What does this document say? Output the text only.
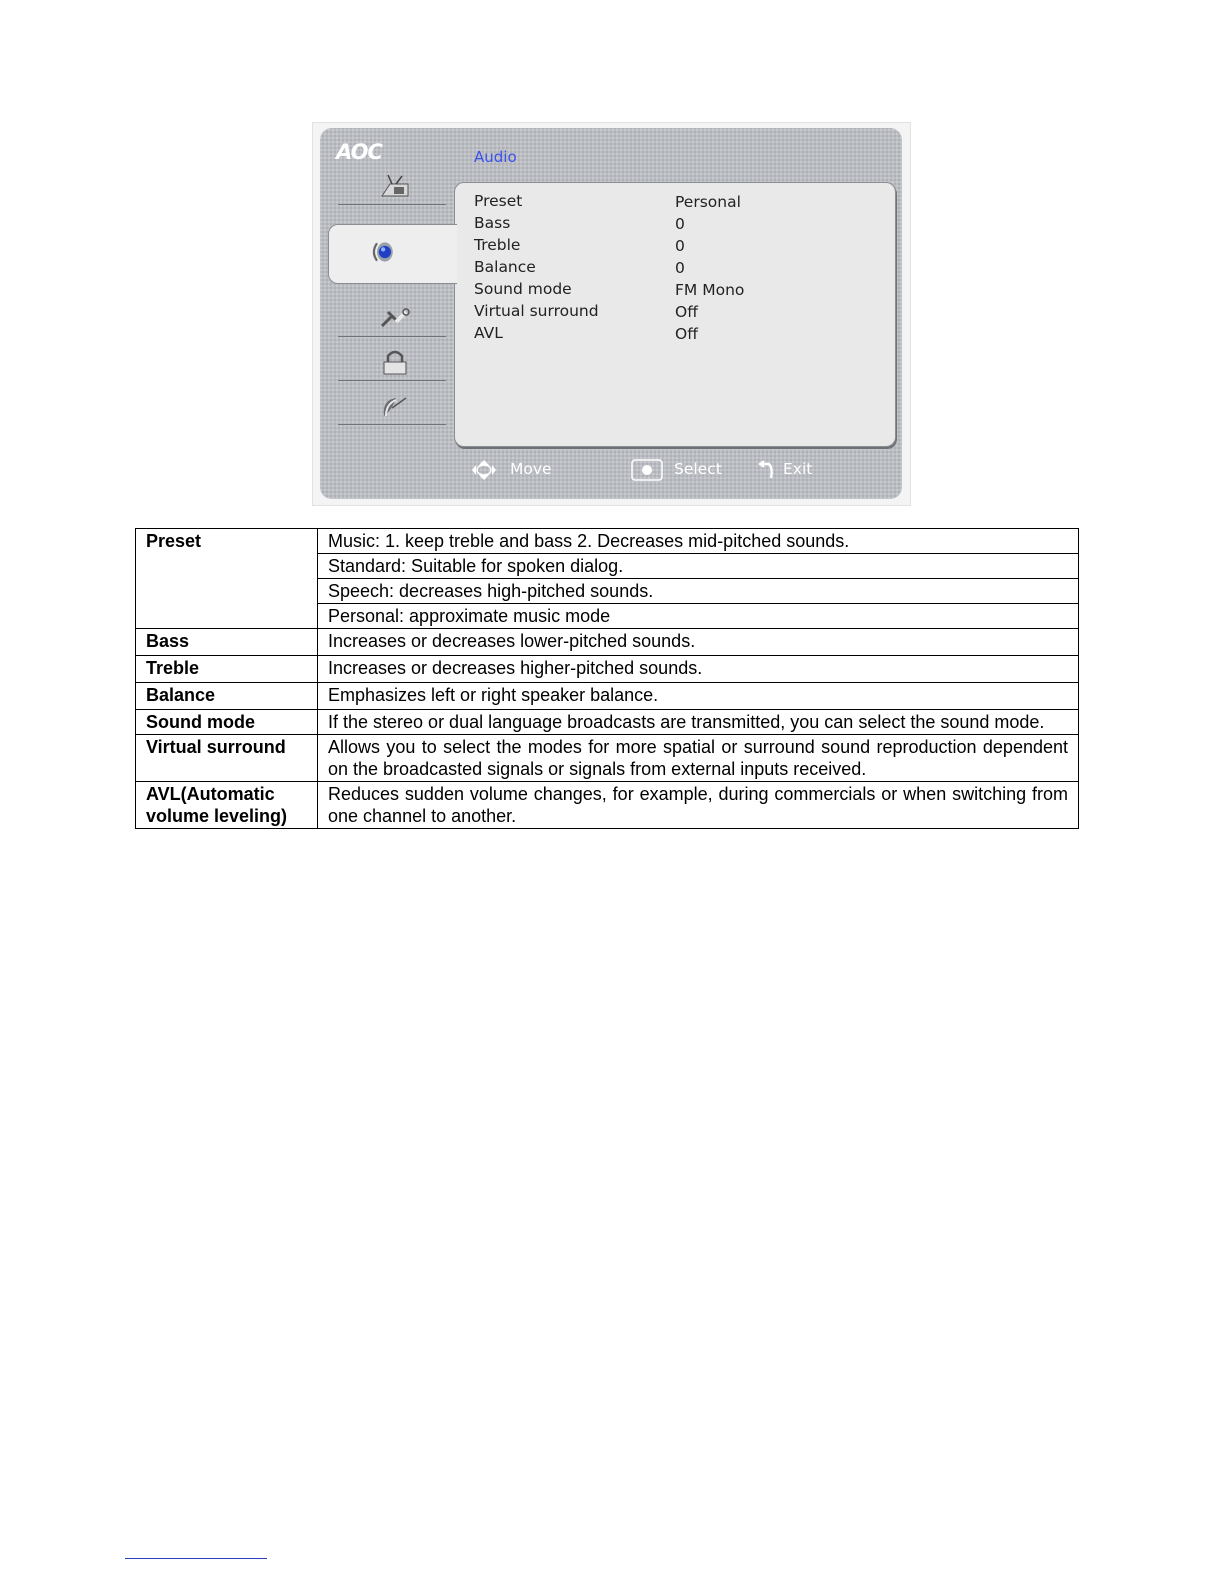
AOC	Audio
Preset	Personal
Bass	0
Treble	0
Balance	0
Sound mode	FM Mono
Virtual surround	Off
AVL	Off
Move	Select	Exit
Preset	Music: 1. keep treble and bass 2. Decreases mid-pitched sounds.
	Standard: Suitable for spoken dialog.
	Speech: decreases high-pitched sounds.
	Personal: approximate music mode
Bass	Increases or decreases lower-pitched sounds.
Treble	Increases or decreases higher-pitched sounds.
Balance	Emphasizes left or right speaker balance.
Sound mode	If the stereo or dual language broadcasts are transmitted, you can select the sound mode.
Virtual surround	Allows you to select the modes for more spatial or surround sound reproduction dependent on the broadcasted signals or signals from external inputs received.
AVL(Automatic volume leveling)	Reduces sudden volume changes, for example, during commercials or when switching from one channel to another.
